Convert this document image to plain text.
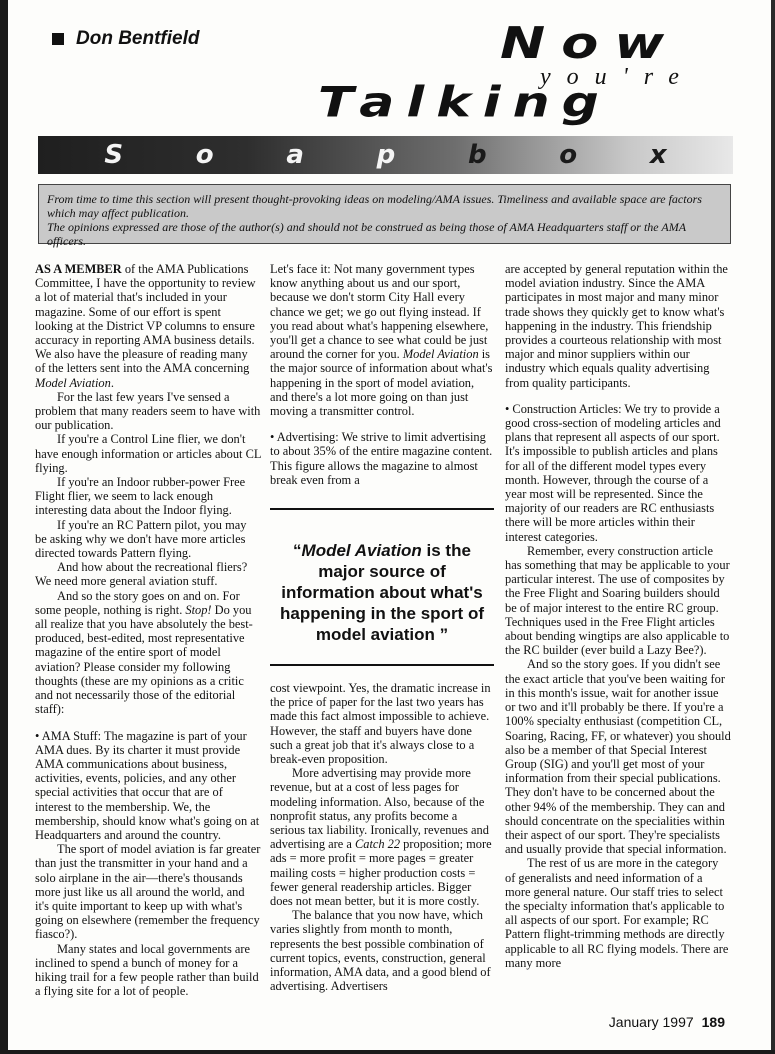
Don Bentfield	Now
you're
Talking
S	o	a	p	b	o	x

From time to time this section will present thought-provoking ideas on modeling/AMA issues. Timeliness and available space are factors which may affect publication.

The opinions expressed are those of the author(s) and should not be construed as being those of AMA Headquarters staff or the AMA officers.

AS A MEMBER of the AMA Publications Committee, I have the opportunity to review a lot of material that's included in your magazine. Some of our effort is spent looking at the District VP columns to ensure accuracy in reporting AMA business details. We also have the pleasure of reading many of the letters sent into the AMA concerning Model Aviation.

For the last few years I've sensed a problem that many readers seem to have with our publication.

If you're a Control Line flier, we don't have enough information or articles about CL flying.

If you're an Indoor rubber-power Free Flight flier, we seem to lack enough interesting data about the Indoor flying.

If you're an RC Pattern pilot, you may be asking why we don't have more articles directed towards Pattern flying.

And how about the recreational fliers? We need more general aviation stuff.

And so the story goes on and on. For some people, nothing is right. Stop! Do you all realize that you have absolutely the best-produced, best-edited, most representative magazine of the entire sport of model aviation? Please consider my following thoughts (these are my opinions as a critic and not necessarily those of the editorial staff):

• AMA Stuff: The magazine is part of your AMA dues. By its charter it must provide AMA communications about business, activities, events, policies, and any other special activities that occur that are of interest to the membership. We, the membership, should know what's going on at Headquarters and around the country.

The sport of model aviation is far greater than just the transmitter in your hand and a solo airplane in the air—there's thousands more just like us all around the world, and it's quite important to keep up with what's going on elsewhere (remember the frequency fiasco?).

Many states and local governments are inclined to spend a bunch of money for a hiking trail for a few people rather than build a flying site for a lot of people.

Let's face it: Not many government types know anything about us and our sport, because we don't storm City Hall every chance we get; we go out flying instead. If you read about what's happening elsewhere, you'll get a chance to see what could be just around the corner for you. Model Aviation is the major source of information about what's happening in the sport of model aviation, and there's a lot more going on than just moving a transmitter control.

• Advertising: We strive to limit advertising to about 35% of the entire magazine content. This figure allows the magazine to almost break even from a

“Model Aviation is the major source of information about what's happening in the sport of model aviation ”

cost viewpoint. Yes, the dramatic increase in the price of paper for the last two years has made this fact almost impossible to achieve. However, the staff and buyers have done such a great job that it's always close to a break-even proposition.

More advertising may provide more revenue, but at a cost of less pages for modeling information. Also, because of the nonprofit status, any profits become a serious tax liability. Ironically, revenues and advertising are a Catch 22 proposition; more ads = more profit = more pages = greater mailing costs = higher production costs = fewer general readership articles. Bigger does not mean better, but it is more costly.

The balance that you now have, which varies slightly from month to month, represents the best possible combination of current topics, events, construction, general information, AMA data, and a good blend of advertising. Advertisers

are accepted by general reputation within the model aviation industry. Since the AMA participates in most major and many minor trade shows they quickly get to know what's happening in the industry. This friendship provides a courteous relationship with most major and minor suppliers within our industry which equals quality advertising from quality participants.

• Construction Articles: We try to provide a good cross-section of modeling articles and plans that represent all aspects of our sport. It's impossible to publish articles and plans for all of the different model types every month. However, through the course of a year most will be represented. Since the majority of our readers are RC enthusiasts there will be more articles within their interest categories.

Remember, every construction article has something that may be applicable to your particular interest. The use of composites by the Free Flight and Soaring builders should be of major interest to the entire RC group. Techniques used in the Free Flight articles about bending wingtips are also applicable to the RC builder (ever build a Lazy Bee?).

And so the story goes. If you didn't see the exact article that you've been waiting for in this month's issue, wait for another issue or two and it'll probably be there. If you're a 100% specialty enthusiast (competition CL, Soaring, Racing, FF, or whatever) you should also be a member of that Special Interest Group (SIG) and you'll get most of your information from their special publications. They don't have to be concerned about the other 94% of the membership. They can and should concentrate on the specialities within their aspect of our sport. They're specialists and usually provide that special information.

The rest of us are more in the category of generalists and need information of a more general nature. Our staff tries to select the specialty information that's applicable to all aspects of our sport. For example; RC Pattern flight-trimming methods are directly applicable to all RC flying models. There are many more

January 1997 189
